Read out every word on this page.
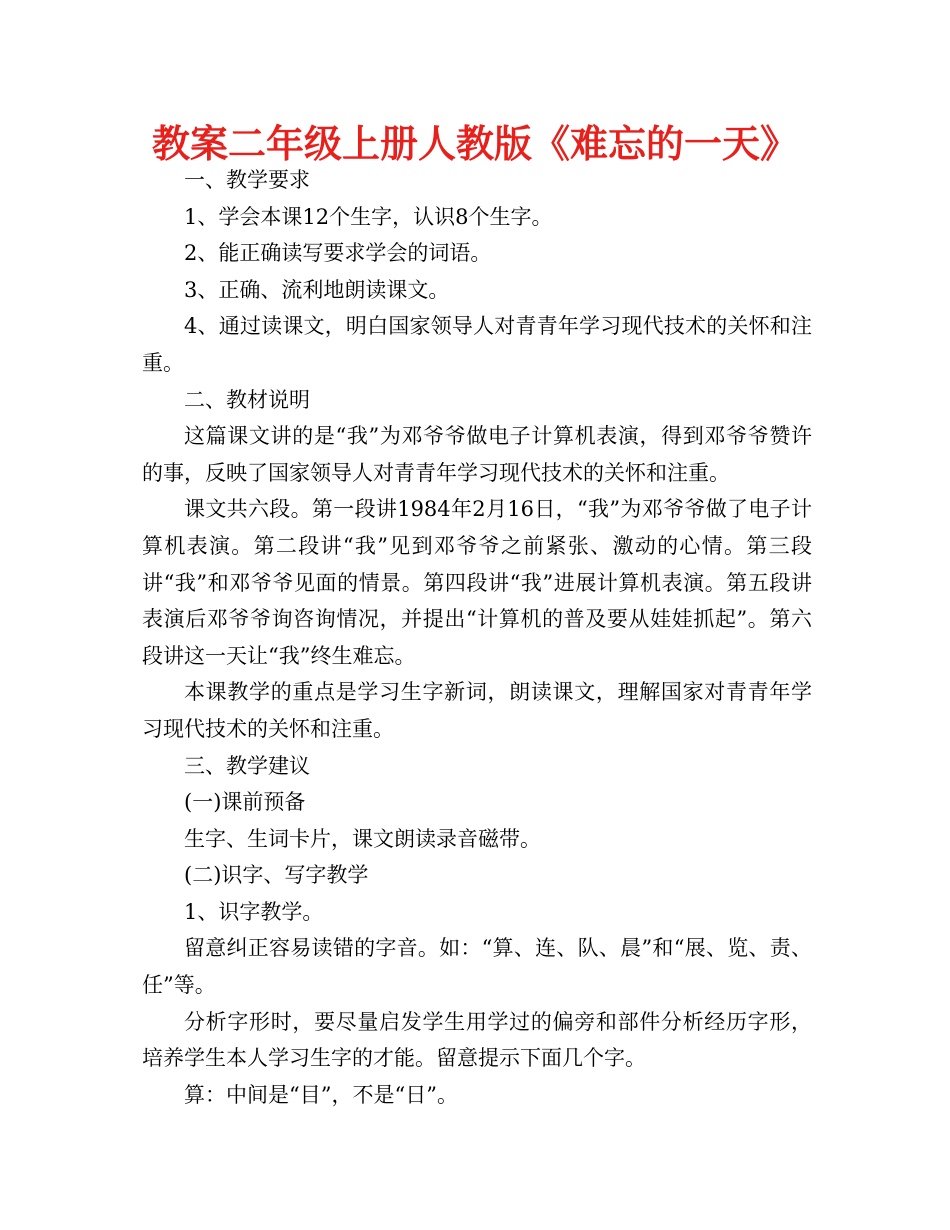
教案二年级上册人教版《难忘的一天》

一、教学要求

1、学会本课12个生字，认识8个生字。

2、能正确读写要求学会的词语。

3、正确、流利地朗读课文。

4、通过读课文，明白国家领导人对青青年学习现代技术的关怀和注重。

二、教材说明

这篇课文讲的是“我”为邓爷爷做电子计算机表演，得到邓爷爷赞许的事，反映了国家领导人对青青年学习现代技术的关怀和注重。

课文共六段。第一段讲1984年2月16日，“我”为邓爷爷做了电子计算机表演。第二段讲“我”见到邓爷爷之前紧张、激动的心情。第三段讲“我”和邓爷爷见面的情景。第四段讲“我”进展计算机表演。第五段讲表演后邓爷爷询咨询情况，并提出“计算机的普及要从娃娃抓起”。第六段讲这一天让“我”终生难忘。

本课教学的重点是学习生字新词，朗读课文，理解国家对青青年学习现代技术的关怀和注重。

三、教学建议

(一)课前预备

生字、生词卡片，课文朗读录音磁带。

(二)识字、写字教学

1、识字教学。

留意纠正容易读错的字音。如：“算、连、队、晨”和“展、览、责、任”等。

分析字形时，要尽量启发学生用学过的偏旁和部件分析经历字形，培养学生本人学习生字的才能。留意提示下面几个字。

算：中间是“目”，不是“日”。
